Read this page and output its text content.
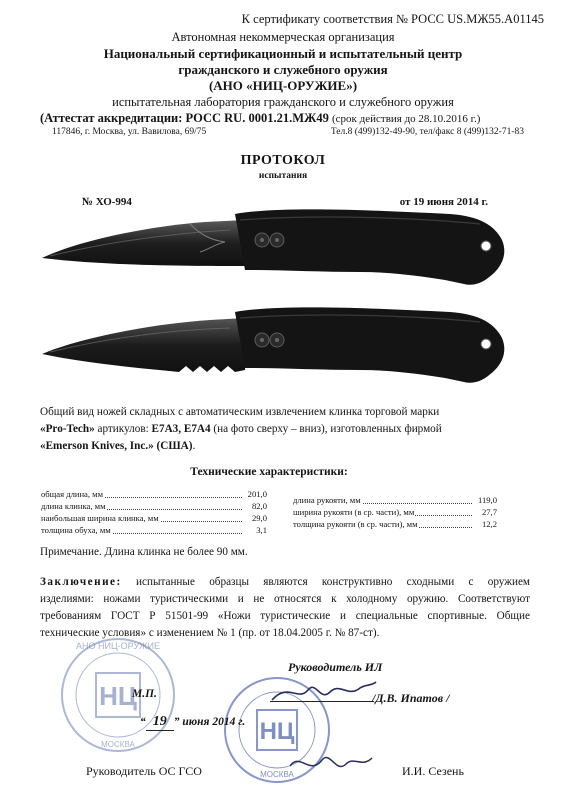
К сертификату соответствия № РОСС US.МЖ55.А01145
Автономная некоммерческая организация
Национальный сертификационный и испытательный центр
гражданского и служебного оружия
(АНО «НИЦ-ОРУЖИЕ»)
испытательная лаборатория гражданского и служебного оружия
(Аттестат аккредитации: РОСС RU. 0001.21.МЖ49 (срок действия до 28.10.2016 г.)
117846, г. Москва, ул. Вавилова, 69/75	Тел.8 (499)132-49-90, тел/факс 8 (499)132-71-83
ПРОТОКОЛ
испытания
№ ХО-994	от 19 июня 2014 г.
Общий вид ножей складных с автоматическим извлечением клинка торговой марки
«Pro-Tech» артикулов: E7A3, E7A4 (на фото сверху – вниз), изготовленных фирмой
«Emerson Knives, Inc.» (США).
Технические характеристики:
общая длина, мм	201,0
длина клинка, мм	82,0
наибольшая ширина клинка, мм	29,0
толщина обуха, мм	3,1
длина рукояти, мм	119,0
ширина рукояти (в ср. части), мм	27,7
толщина рукояти (в ср. части), мм	12,2
Примечание. Длина клинка не более 90 мм.
Заключение: испытанные образцы являются конструктивно сходными с оружием
изделиями: ножами туристическими и не относятся к холодному оружию. Соответствуют
требованиям ГОСТ Р 51501-99 «Ножи туристические и специальные спортивные. Общие
технические условия» с изменением № 1 (пр. от 18.04.2005 г. № 87-ст).
НЦ
АНО НИЦ-ОРУЖИЕ
МОСКВА	НЦ
МОСКВА
Руководитель ИЛ
М.П.	/Д.В. Ипатов /
“ 19 ” июня 2014 г.
Руководитель ОС ГСО	И.И. Сезень
